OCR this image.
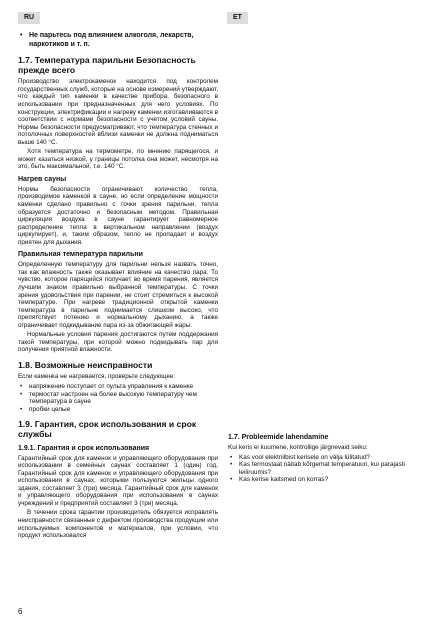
RU	ET
• Не парьтесь под влиянием алкоголя, лекарств, наркотиков и т. п.
1.7. Температура парильни Безопасность прежде всего

Производство электрокаменок находится под контролем государственных служб, которые на основе измерений утверждают, что каждый тип каменки в качестве прибора, безопасного в использовании при предназначенных для него условиях. По конструкции, электрификации и нагреву каменки изготавливаются в соответствии с нормами безопасности с учетом условий сауны. Нормы безопасности предусматривают, что температура стенных и потолочных поверхностей вблизи каменки не должна подниматься выше 140 °С.

Хотя температура на термометре, по мнению парящегося, и может казаться низкой, у границы потолка она может, несмотря на это, быть максимальной, т.е. 140 °С.

Нагрев сауны

Нормы безопасности ограничивают количество тепла, производимое каменкой в сауне, но если определение мощности каменки сделано правильно с точки зрения парильни, тепла образуется достаточно и безопасным методом. Правильная циркуляция воздуха в сауне гарантирует равномерное распределение тепла в вертикальном направлении (воздух циркулирует), и, таким образом, тепло не пропадает и воздух приятен для дыхания.

Правильная температура парильни

Определенную температуру для парильни нельзя назвать точно, так как влажность также оказывает влияние на качество пара. То чувство, которое парящийся получает во время парения, является лучшим знаком правильно выбранной температуры. С точки зрения удовольствия при парении, не стоит стремиться к высокой температуре. При нагреве традиционной открытой каменки температура в парильне поднимается слишком высоко, что препятствует потению и нормальному дыханию, а также ограничивает подкидывание пара из-за обжигающей жары.

Нормальные условия парения достигаются путем поддержания такой температуры, при которой можно подкидывать пар для получения приятной влажности.

1.8. Возможные неисправности

Если каменка не нагревается, проверьте следующее:

• напряжение поступает от пульта управления к каменке
• термостат настроен на более высокую температуру чем температура в сауне
• пробки целые
1.9. Гарантия, срок использования и срок службы
1.9.1. Гарантия и срок использования

Гарантийный срок для каменок и управляющего оборудования при использовании в семейных саунах составляет 1 (один) год. Гарантийный срок для каменок и управляющего оборудования при использовании в саунах, которыми пользуются жильцы одного здания, составляет 3 (три) месяца. Гарантийный срок для каменок и управляющего оборудования при использовании в саунах учреждений и предприятий составляет 3 (три) месяца.

В течении срока гарантии производитель обязуется исправлять неисправности связанные с дефектом производства продукции или используемых компонентов и материалов, при условии, что продукт использовался

1.7. Probleemide lahendamine

Kui keris ei kuumene, kontrollige järgnevaid seiku:

• Kas vool elektriilbist kerisele on välja lülitatud?
• Kas termostaat näitab kõrgemat temperatuuri, kui parajasti leiliruumis?
• Kas kerise kaitsmed on korras?
6
